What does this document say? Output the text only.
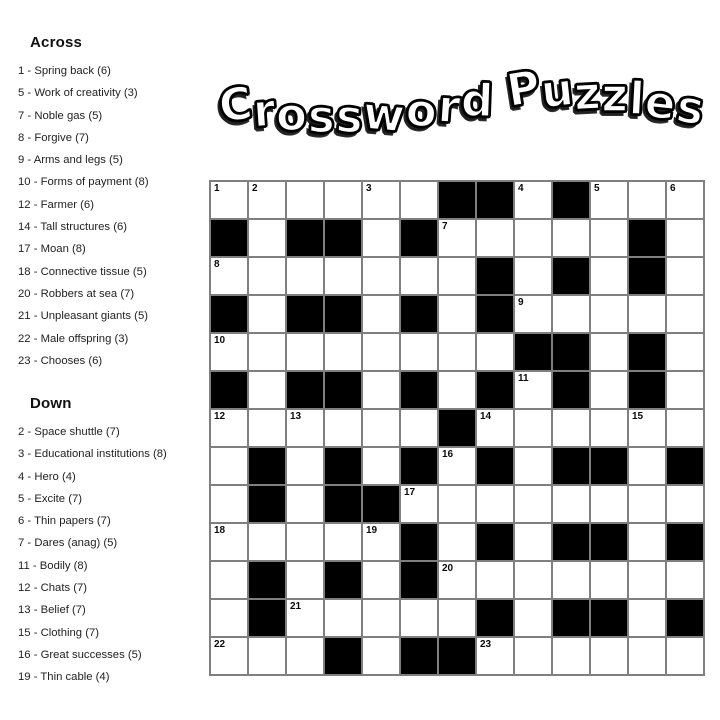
Crossword Puzzles
Across
1 - Spring back (6)
5 - Work of creativity (3)
7 - Noble gas (5)
8 - Forgive (7)
9 - Arms and legs (5)
10 - Forms of payment (8)
12 - Farmer (6)
14 - Tall structures (6)
17 - Moan (8)
18 - Connective tissue (5)
20 - Robbers at sea (7)
21 - Unpleasant giants (5)
22 - Male offspring (3)
23 - Chooses (6)
Down
2 - Space shuttle (7)
3 - Educational institutions (8)
4 - Hero (4)
5 - Excite (7)
6 - Thin papers (7)
7 - Dares (anag) (5)
11 - Bodily (8)
12 - Chats (7)
13 - Belief (7)
15 - Clothing (7)
16 - Great successes (5)
19 - Thin cable (4)
1	2	3	4	5	6
7
8
9
10
11
12	13	14	15
16
17
18	19
20
21
22	23
